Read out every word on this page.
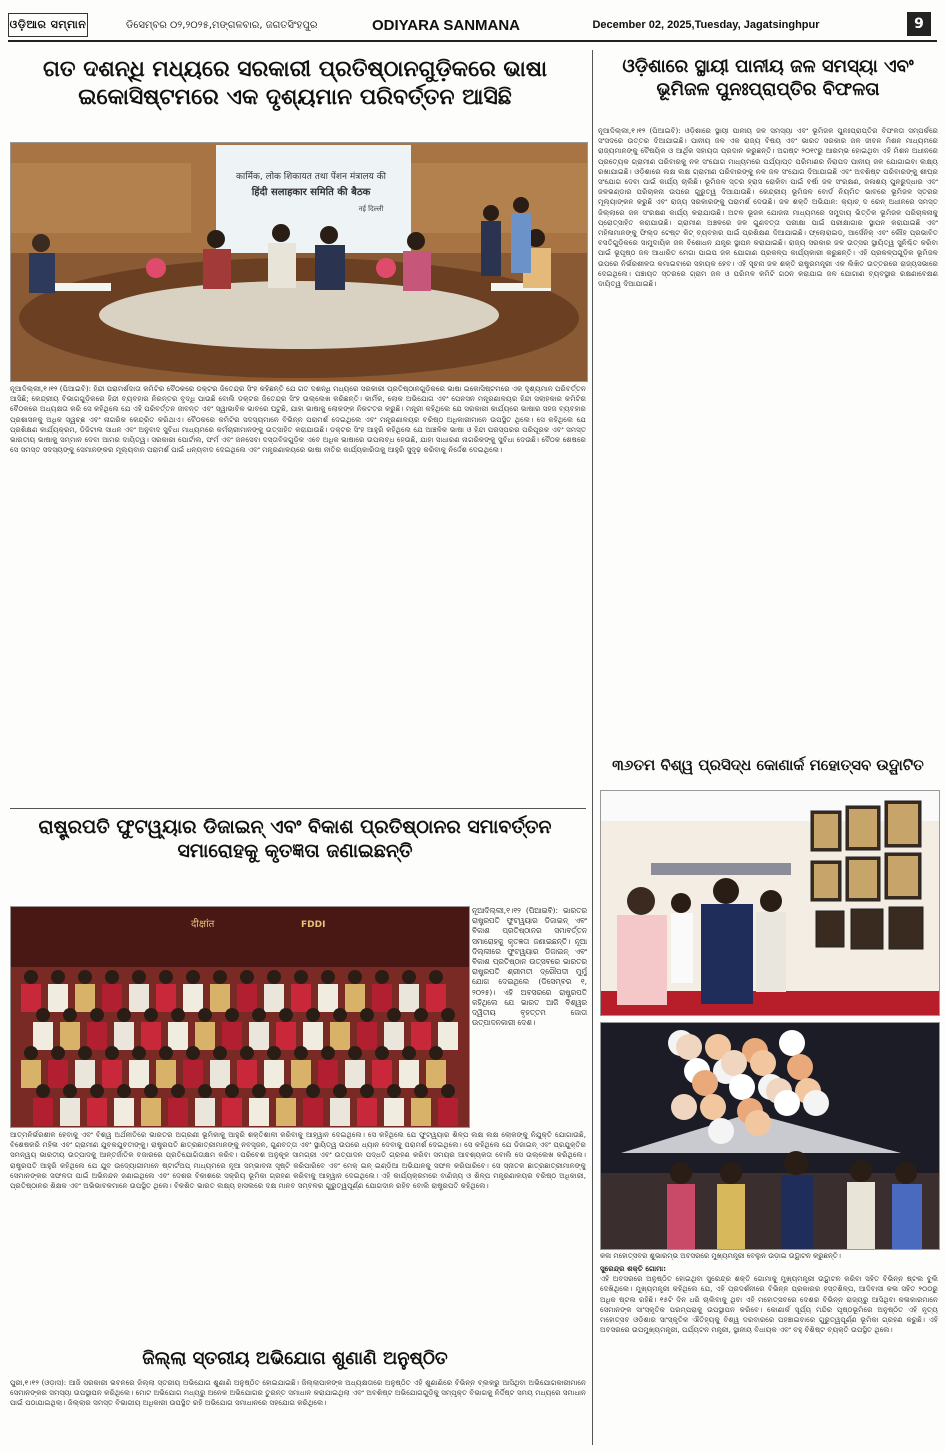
ଓଡ଼ିଆର ସମ୍ମାନ	ଡିସେମ୍ବର ୦୨,୨୦୨୫,ମଙ୍ଗଳବାର, ଜଗତସିଂହପୁର	ODIYARA SANMANA	December 02, 2025,Tuesday, Jagatsinghpur	9
ଗତ ଦଶନ୍ଧି ମଧ୍ୟରେ ସରକାରୀ ପ୍ରତିଷ୍ଠାନଗୁଡ଼ିକରେ ଭାଷା ଇକୋସିଷ୍ଟମରେ ଏକ ଦୃଶ୍ୟମାନ ପରିବର୍ତ୍ତନ ଆସିଛି
कार्मिक, लोक शिकायत तथा पेंशन मंत्रालय की
हिंदी सलाहकार समिति की बैठक
नई दिल्ली

ନୂଆଦିଲ୍ଲୀ,୧।୧୨ (ପିଆଇବି): ହିନ୍ଦୀ ପରାମର୍ଶଦାତା କମିଟିର ବୈଠକରେ ଡକ୍ଟର ଜିତେନ୍ଦ୍ର ସିଂହ କହିଛନ୍ତି ଯେ ଗତ ଦଶନ୍ଧି ମଧ୍ୟରେ ସରକାରୀ ପ୍ରତିଷ୍ଠାନଗୁଡ଼ିକରେ ଭାଷା ଇକୋସିଷ୍ଟମରେ ଏକ ଦୃଶ୍ୟମାନ ପରିବର୍ତ୍ତନ ଆସିଛି; କେନ୍ଦ୍ରୀୟ ବିଭାଗଗୁଡ଼ିକରେ ହିନ୍ଦୀ ବ୍ୟବହାର ନିରନ୍ତର ବୃଦ୍ଧି ପାଉଛି ବୋଲି ଡକ୍ଟର ଜିତେନ୍ଦ୍ର ସିଂହ ଉଲ୍ଲେଖ କରିଛନ୍ତି। କାର୍ମିକ, ଲୋକ ଅଭିଯୋଗ ଏବଂ ପେନସନ ମନ୍ତ୍ରଣାଳୟର ହିନ୍ଦୀ ସଲାହକାର କମିଟିର ବୈଠକରେ ଅଧ୍ୟକ୍ଷତା କରି ସେ କହିଥିଲେ ଯେ ଏହି ପରିବର୍ତ୍ତନ ଜୀବନ୍ତ ଏବଂ ସ୍ୱାଭାବିକ ଭାବରେ ଘଟୁଛି, ଯାହା ଭାଷାକୁ ଲୋକଙ୍କ ନିକଟତର କରୁଛି। ମନ୍ତ୍ରୀ କହିଥିଲେ ଯେ ସରକାରୀ କାର୍ଯ୍ୟରେ ଭାଷାର ସହଜ ବ୍ୟବହାର ପ୍ରଶାସନକୁ ଅଧିକ ସ୍ୱଚ୍ଛ ଏବଂ ନାଗରିକ କେନ୍ଦ୍ରିତ କରିଥାଏ। ବୈଠକରେ କମିଟିର ସଦସ୍ୟମାନେ ବିଭିନ୍ନ ପରାମର୍ଶ ଦେଇଥିଲେ ଏବଂ ମନ୍ତ୍ରଣାଳୟର ବରିଷ୍ଠ ଅଧିକାରୀମାନେ ଉପସ୍ଥିତ ଥିଲେ। ସେ କହିଥିଲେ ଯେ ପ୍ରଶିକ୍ଷଣ କାର୍ଯ୍ୟକ୍ରମ, ଡିଜିଟାଲ ସାଧନ ଏବଂ ଅନୁବାଦ ସୁବିଧା ମାଧ୍ୟମରେ କର୍ମଚାରୀମାନଙ୍କୁ ଉତ୍ସାହିତ କରାଯାଉଛି। ଡକ୍ଟର ସିଂହ ଆହୁରି କହିଥିଲେ ଯେ ଆଞ୍ଚଳିକ ଭାଷା ଓ ହିନ୍ଦୀ ପରସ୍ପରର ପରିପୂରକ ଏବଂ ସମସ୍ତ ଭାରତୀୟ ଭାଷାକୁ ସମ୍ମାନ ଦେବା ଆମର ଦାୟିତ୍ୱ। ସରକାରୀ ପୋର୍ଟାଲ, ଫର୍ମ ଏବଂ ଜନସେବା ଦସ୍ତାବିଜଗୁଡ଼ିକ ଏବେ ଅଧିକ ଭାଷାରେ ଉପଲବ୍ଧ ହେଉଛି, ଯାହା ସାଧାରଣ ନାଗରିକଙ୍କୁ ସୁବିଧା ଦେଉଛି। ବୈଠକ ଶେଷରେ ସେ ସମସ୍ତ ସଦସ୍ୟଙ୍କୁ ସେମାନଙ୍କର ମୂଲ୍ୟବାନ ପରାମର୍ଶ ପାଇଁ ଧନ୍ୟବାଦ ଦେଇଥିଲେ ଏବଂ ମନ୍ତ୍ରଣାଳୟରେ ଭାଷା ନୀତିର କାର୍ଯ୍ୟକାରିତାକୁ ଆହୁରି ସୁଦୃଢ଼ କରିବାକୁ ନିର୍ଦ୍ଦେଶ ଦେଇଥିଲେ।

ଓଡ଼ିଶାରେ ସ୍ଥାୟୀ ପାନୀୟ ଜଳ ସମସ୍ୟା ଏବଂ ଭୂମିଜଳ ପୁନଃପ୍ରାପ୍ତିର ବିଫଳତା

ନୂଆଦିଲ୍ଲୀ,୧।୧୨ (ପିଆଇବି): ଓଡ଼ିଶାରେ ସ୍ଥାୟୀ ପାନୀୟ ଜଳ ସମସ୍ୟା ଏବଂ ଭୂମିଜଳ ପୁନଃପ୍ରାପ୍ତିର ବିଫଳତା ସମ୍ପର୍କରେ ସଂସଦରେ ଉତ୍ତର ଦିଆଯାଇଛି। ପାନୀୟ ଜଳ ଏକ ରାଜ୍ୟ ବିଷୟ ଏବଂ ଭାରତ ସରକାର ଜଳ ଜୀବନ ମିଶନ ମାଧ୍ୟମରେ ରାଜ୍ୟମାନଙ୍କୁ ବୈଷୟିକ ଓ ଆର୍ଥିକ ସହାୟତା ପ୍ରଦାନ କରୁଛନ୍ତି। ଅଗଷ୍ଟ ୨୦୧୯ରୁ ଆରମ୍ଭ ହୋଇଥିବା ଏହି ମିଶନ ଅଧୀନରେ ପ୍ରତ୍ୟେକ ଗ୍ରାମୀଣ ପରିବାରକୁ ନଳ ସଂଯୋଗ ମାଧ୍ୟମରେ ପର୍ଯ୍ୟାପ୍ତ ପରିମାଣର ନିରାପଦ ପାନୀୟ ଜଳ ଯୋଗାଇବା ଲକ୍ଷ୍ୟ ରଖାଯାଇଛି। ଓଡ଼ିଶାରେ ଲକ୍ଷ ଲକ୍ଷ ଗ୍ରାମୀଣ ପରିବାରଙ୍କୁ ନଳ ଜଳ ସଂଯୋଗ ଦିଆଯାଇଛି ଏବଂ ଅବଶିଷ୍ଟ ପରିବାରଙ୍କୁ ଶୀଘ୍ର ସଂଯୋଗ ଦେବା ପାଇଁ କାର୍ଯ୍ୟ ଚାଲିଛି। ଭୂମିଜଳ ସ୍ତର ହ୍ରାସ ରୋକିବା ପାଇଁ ବର୍ଷା ଜଳ ସଂରକ୍ଷଣ, ଜଳାଶୟ ପୁନରୁଦ୍ଧାର ଏବଂ ଜଳଭଣ୍ଡାର ପରିଚାଳନା ଉପରେ ଗୁରୁତ୍ୱ ଦିଆଯାଉଛି। କେନ୍ଦ୍ରୀୟ ଭୂମିଜଳ ବୋର୍ଡ ନିୟମିତ ଭାବରେ ଭୂମିଜଳ ସ୍ତରର ମୂଲ୍ୟାଙ୍କନ କରୁଛି ଏବଂ ରାଜ୍ୟ ସରକାରଙ୍କୁ ପରାମର୍ଶ ଦେଉଛି। ଜଳ ଶକ୍ତି ଅଭିଯାନ: କ୍ୟାଚ୍ ଦ ରେନ୍ ଅଧୀନରେ ସମସ୍ତ ଜିଲ୍ଲାରେ ଜଳ ସଂରକ୍ଷଣ କାର୍ଯ୍ୟ କରାଯାଉଛି। ଅଟଳ ଭୂଜଳ ଯୋଜନା ମାଧ୍ୟମରେ ସମୁଦାୟ ଭିତ୍ତିକ ଭୂମିଜଳ ପରିଚାଳନାକୁ ପ୍ରୋତ୍ସାହିତ କରାଯାଉଛି। ଗ୍ରାମୀଣ ଅଞ୍ଚଳରେ ଜଳ ଗୁଣବତ୍ତା ପରୀକ୍ଷା ପାଇଁ ପରୀକ୍ଷାଗାର ସ୍ଥାପନ କରାଯାଇଛି ଏବଂ ମହିଳାମାନଙ୍କୁ ଫିଲ୍ଡ ଟେଷ୍ଟ କିଟ୍ ବ୍ୟବହାର ପାଇଁ ପ୍ରଶିକ୍ଷଣ ଦିଆଯାଇଛି। ଫ୍ଲୋରାଇଡ୍, ଆର୍ସେନିକ୍ ଏବଂ ଲୌହ ପ୍ରଭାବିତ ବସତିଗୁଡ଼ିକରେ ସାମୁଦାୟିକ ଜଳ ବିଶୋଧନ ଯନ୍ତ୍ର ସ୍ଥାପନ କରାଯାଇଛି। ରାଜ୍ୟ ସରକାର ଜଳ ଉତ୍ସର ସ୍ଥାୟିତ୍ୱ ସୁନିଶ୍ଚିତ କରିବା ପାଇଁ ଭୂପୃଷ୍ଠ ଜଳ ଆଧାରିତ ମେଗା ପାଇପ ଜଳ ଯୋଗାଣ ପ୍ରକଳ୍ପ କାର୍ଯ୍ୟକାରୀ କରୁଛନ୍ତି। ଏହି ପ୍ରକଳ୍ପଗୁଡ଼ିକ ଭୂମିଜଳ ଉପରେ ନିର୍ଭରଶୀଳତା କମାଇବାରେ ସହାୟକ ହେବ। ଏହି ସୂଚନା ଜଳ ଶକ୍ତି ରାଷ୍ଟ୍ରମନ୍ତ୍ରୀ ଏକ ଲିଖିତ ଉତ୍ତରରେ ରାଜ୍ୟସଭାରେ ଦେଇଥିଲେ। ପଞ୍ଚାୟତ ସ୍ତରରେ ଗ୍ରାମ ଜଳ ଓ ପରିମଳ କମିଟି ଗଠନ କରାଯାଇ ଜଳ ଯୋଗାଣ ବ୍ୟବସ୍ଥାର ରକ୍ଷଣାବେକ୍ଷଣ ଦାୟିତ୍ୱ ଦିଆଯାଇଛି।

ରାଷ୍ଟ୍ରପତି ଫୁଟୱ୍ୟାର ଡିଜାଇନ୍ ଏବଂ ବିକାଶ ପ୍ରତିଷ୍ଠାନର ସମାବର୍ତ୍ତନ ସମାରୋହକୁ କୃତଜ୍ଞତା ଜଣାଇଛନ୍ତି
दीक्षांत	FDDI

ନୂଆଦିଲ୍ଲୀ,୧।୧୨ (ପିଆଇବି): ଭାରତର ରାଷ୍ଟ୍ରପତି ଫୁଟୱ୍ୟାର ଡିଜାଇନ୍ ଏବଂ ବିକାଶ ପ୍ରତିଷ୍ଠାନର ସମାବର୍ତ୍ତନ ସମାରୋହକୁ କୃତଜ୍ଞତା ଜଣାଇଛନ୍ତି। ନୂଆ ଦିଲ୍ଲୀରେ ଫୁଟୱ୍ୟାର ଡିଜାଇନ୍ ଏବଂ ବିକାଶ ପ୍ରତିଷ୍ଠାନ ଉତ୍ସବରେ ଭାରତର ରାଷ୍ଟ୍ରପତି ଶ୍ରୀମତୀ ଦ୍ରୌପଦୀ ମୁର୍ମୁ ଯୋଗ ଦେଇଥିଲେ (ଡିସେମ୍ବର ୧, ୨୦୨୫)। ଏହି ଅବସରରେ ରାଷ୍ଟ୍ରପତି କହିଥିଲେ ଯେ ଭାରତ ଆଜି ବିଶ୍ୱର ଦ୍ୱିତୀୟ ବୃହତ୍ତମ ଜୋତା ଉତ୍ପାଦନକାରୀ ଦେଶ।

ଆତ୍ମନିର୍ଭରଶୀଳ ହେବାକୁ ଏବଂ ବିଶ୍ୱ ଅର୍ଥନୀତିରେ ଭାରତର ଅଗ୍ରଣୀ ଭୂମିକାକୁ ଆହୁରି ଶକ୍ତିଶାଳୀ କରିବାକୁ ଆହ୍ୱାନ ଦେଇଥିଲେ। ସେ କହିଥିଲେ ଯେ ଫୁଟୱ୍ୟାର ଶିଳ୍ପ ଲକ୍ଷ ଲକ୍ଷ ଲୋକଙ୍କୁ ନିଯୁକ୍ତି ଯୋଗାଉଛି, ବିଶେଷକରି ମହିଳା ଏବଂ ଗ୍ରାମୀଣ ଯୁବକଯୁବତୀଙ୍କୁ। ରାଷ୍ଟ୍ରପତି ଛାତ୍ରଛାତ୍ରୀମାନଙ୍କୁ ନବସୃଜନ, ଗୁଣବତ୍ତା ଏବଂ ସ୍ଥାୟିତ୍ୱ ଉପରେ ଧ୍ୟାନ ଦେବାକୁ ପରାମର୍ଶ ଦେଇଥିଲେ। ସେ କହିଥିଲେ ଯେ ଡିଜାଇନ୍ ଏବଂ ପ୍ରଯୁକ୍ତିର ସମନ୍ୱୟ ଭାରତୀୟ ଉତ୍ପାଦକୁ ଆନ୍ତର୍ଜାତିକ ବଜାରରେ ପ୍ରତିଯୋଗିତାକ୍ଷମ କରିବ। ପରିବେଶ ଅନୁକୂଳ ସାମଗ୍ରୀ ଏବଂ ଉତ୍ପାଦନ ପଦ୍ଧତି ଗ୍ରହଣ କରିବା ସମୟର ଆବଶ୍ୟକତା ବୋଲି ସେ ଉଲ୍ଲେଖ କରିଥିଲେ। ରାଷ୍ଟ୍ରପତି ଆହୁରି କହିଥିଲେ ଯେ ଯୁବ ଉଦ୍ୟୋଗୀମାନେ ଷ୍ଟାର୍ଟଅପ୍ ମାଧ୍ୟମରେ ନୂଆ ସମ୍ଭାବନା ସୃଷ୍ଟି କରିପାରିବେ ଏବଂ ମେକ୍ ଇନ୍ ଇଣ୍ଡିଆ ଅଭିଯାନକୁ ସଫଳ କରିପାରିବେ। ସେ ସ୍ନାତକ ଛାତ୍ରଛାତ୍ରୀମାନଙ୍କୁ ସେମାନଙ୍କର ସଫଳତା ପାଇଁ ଅଭିନନ୍ଦନ ଜଣାଇଥିଲେ ଏବଂ ଦେଶର ବିକାଶରେ ସକ୍ରିୟ ଭୂମିକା ଗ୍ରହଣ କରିବାକୁ ଆହ୍ୱାନ ଦେଇଥିଲେ। ଏହି କାର୍ଯ୍ୟକ୍ରମରେ ବାଣିଜ୍ୟ ଓ ଶିଳ୍ପ ମନ୍ତ୍ରଣାଳୟର ବରିଷ୍ଠ ଅଧିକାରୀ, ପ୍ରତିଷ୍ଠାନର ଶିକ୍ଷକ ଏବଂ ଅଭିଭାବକମାନେ ଉପସ୍ଥିତ ଥିଲେ। ବିକଶିତ ଭାରତ ଲକ୍ଷ୍ୟ ହାସଲରେ ଦକ୍ଷ ମାନବ ସମ୍ବଳର ଗୁରୁତ୍ୱପୂର୍ଣ୍ଣ ଯୋଗଦାନ ରହିବ ବୋଲି ରାଷ୍ଟ୍ରପତି କହିଥିଲେ।

ଜିଲ୍ଲା ସ୍ତରୀୟ ଅଭିଯୋଗ ଶୁଣାଣି ଅନୁଷ୍ଠିତ

ପୁରୀ,୧।୧୨ (ଓଡ଼ାସ): ଆଜି ସରକାରୀ ଭବନରେ ଜିଲ୍ଲା ସ୍ତରୀୟ ଅଭିଯୋଗ ଶୁଣାଣି ଅନୁଷ୍ଠିତ ହୋଇଯାଇଛି। ଜିଲ୍ଲାପାଳଙ୍କ ଅଧ୍ୟକ୍ଷତାରେ ଅନୁଷ୍ଠିତ ଏହି ଶୁଣାଣିରେ ବିଭିନ୍ନ ବ୍ଲକରୁ ଆସିଥିବା ଅଭିଯୋଗକାରୀମାନେ ସେମାନଙ୍କର ସମସ୍ୟା ଉପସ୍ଥାପନ କରିଥିଲେ। ମୋଟ ଅଭିଯୋଗ ମଧ୍ୟରୁ ଅନେକ ଅଭିଯୋଗର ତୁରନ୍ତ ସମାଧାନ କରାଯାଇଥିଲା ଏବଂ ଅବଶିଷ୍ଟ ଅଭିଯୋଗଗୁଡ଼ିକୁ ସମ୍ପୃକ୍ତ ବିଭାଗକୁ ନିର୍ଦ୍ଦିଷ୍ଟ ସମୟ ମଧ୍ୟରେ ସମାଧାନ ପାଇଁ ପଠାଯାଇଥିଲା। ଜିଲ୍ଲାର ସମସ୍ତ ବିଭାଗୀୟ ଅଧିକାରୀ ଉପସ୍ଥିତ ରହି ଅଭିଯୋଗ ସମାଧାନରେ ସହଯୋଗ କରିଥିଲେ।

୩୬ତମ ବିଶ୍ୱ ପ୍ରସିଦ୍ଧ କୋଣାର୍କ ମହୋତ୍ସବ ଉଦ୍ଘାଟିତ
କଳା ମହୋତ୍ସବର ଶୁଭାରମ୍ଭ ଅବସରରେ ମୁଖ୍ୟମନ୍ତ୍ରୀ ବେଲୁନ ଉଡ଼ାଇ ଉଦ୍ଘାଟନ କରୁଛନ୍ତି।

ସୁରେନ୍ଦ୍ର ଶକ୍ତି ଗୋମା:

ଏହି ଅବସରରେ ଅନୁଷ୍ଠିତ ହୋଇଥିବା ସୁରେନ୍ଦ୍ର ଶକ୍ତି ଗୋମାକୁ ମୁଖ୍ୟମନ୍ତ୍ରୀ ଉଦ୍ଘାଟନ କରିବା ସହିତ ବିଭିନ୍ନ ଷ୍ଟଲ ବୁଲି ଦେଖିଥିଲେ। ମୁଖ୍ୟମନ୍ତ୍ରୀ କହିଥିଲେ ଯେ, ଏହି ପ୍ରଦର୍ଶନୀରେ ବିଭିନ୍ନ ପ୍ରକାରର ହସ୍ତଶିଳ୍ପ, ଆଦିବାସୀ କଳା ସହିତ ୨୦୦ରୁ ଅଧିକ ଷ୍ଟଲ ରହିଛି। ୧୫ଟି ଦିନ ଧରି ଚାଲିବାକୁ ଥିବା ଏହି ମହୋତ୍ସବରେ ଦେଶର ବିଭିନ୍ନ ରାଜ୍ୟରୁ ଆସିଥିବା କଳାକାରମାନେ ସେମାନଙ୍କ ସାଂସ୍କୃତିକ ପରମ୍ପରାକୁ ଉପସ୍ଥାପନ କରିବେ। କୋଣାର୍କ ସୂର୍ଯ୍ୟ ମନ୍ଦିର ପୃଷ୍ଠଭୂମିରେ ଅନୁଷ୍ଠିତ ଏହି ନୃତ୍ୟ ମହୋତ୍ସବ ଓଡ଼ିଶାର ସାଂସ୍କୃତିକ ଐତିହ୍ୟକୁ ବିଶ୍ୱ ଦରବାରରେ ପହଞ୍ଚାଇବାରେ ଗୁରୁତ୍ୱପୂର୍ଣ୍ଣ ଭୂମିକା ଗ୍ରହଣ କରୁଛି। ଏହି ଅବସରରେ ଉପମୁଖ୍ୟମନ୍ତ୍ରୀ, ପର୍ଯ୍ୟଟନ ମନ୍ତ୍ରୀ, ସ୍ଥାନୀୟ ବିଧାୟକ ଏବଂ ବହୁ ବିଶିଷ୍ଟ ବ୍ୟକ୍ତି ଉପସ୍ଥିତ ଥିଲେ।
